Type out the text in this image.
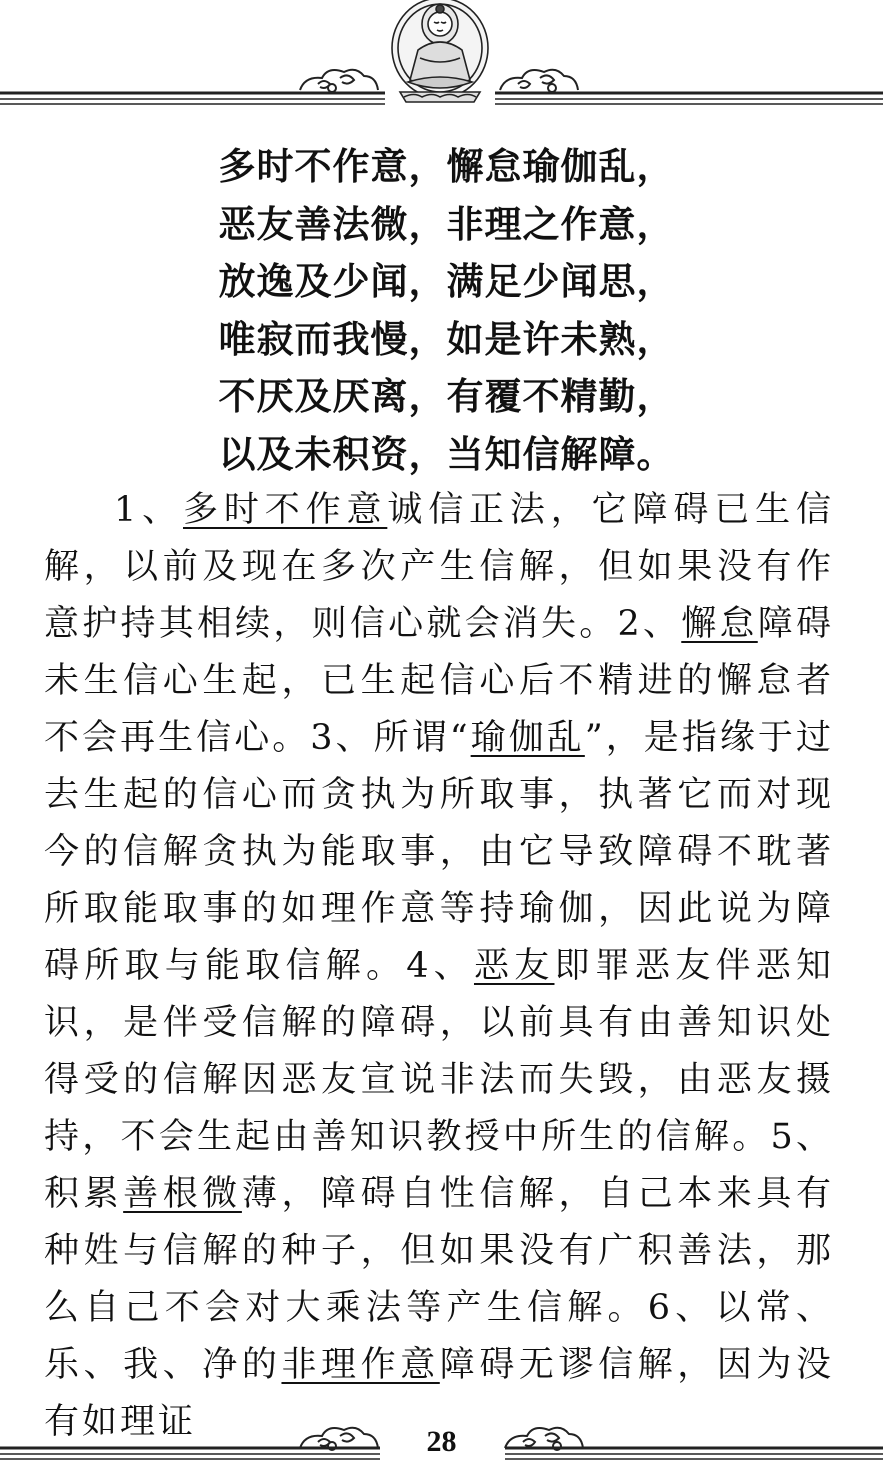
多时不作意，懈怠瑜伽乱，
恶友善法微，非理之作意，
放逸及少闻，满足少闻思，
唯寂而我慢，如是许未熟，
不厌及厌离，有覆不精勤，
以及未积资，当知信解障。
1、多时不作意诚信正法，它障碍已生信解，以前及现在多次产生信解，但如果没有作意护持其相续，则信心就会消失。2、懈怠障碍未生信心生起，已生起信心后不精进的懈怠者不会再生信心。3、所谓“瑜伽乱”，是指缘于过去生起的信心而贪执为所取事，执著它而对现今的信解贪执为能取事，由它导致障碍不耽著所取能取事的如理作意等持瑜伽，因此说为障碍所取与能取信解。4、恶友即罪恶友伴恶知识，是伴受信解的障碍，以前具有由善知识处得受的信解因恶友宣说非法而失毁，由恶友摄持，不会生起由善知识教授中所生的信解。5、积累善根微薄，障碍自性信解，自己本来具有种姓与信解的种子，但如果没有广积善法，那么自己不会对大乘法等产生信解。6、以常、乐、我、净的非理作意障碍无谬信解，因为没有如理证	28
